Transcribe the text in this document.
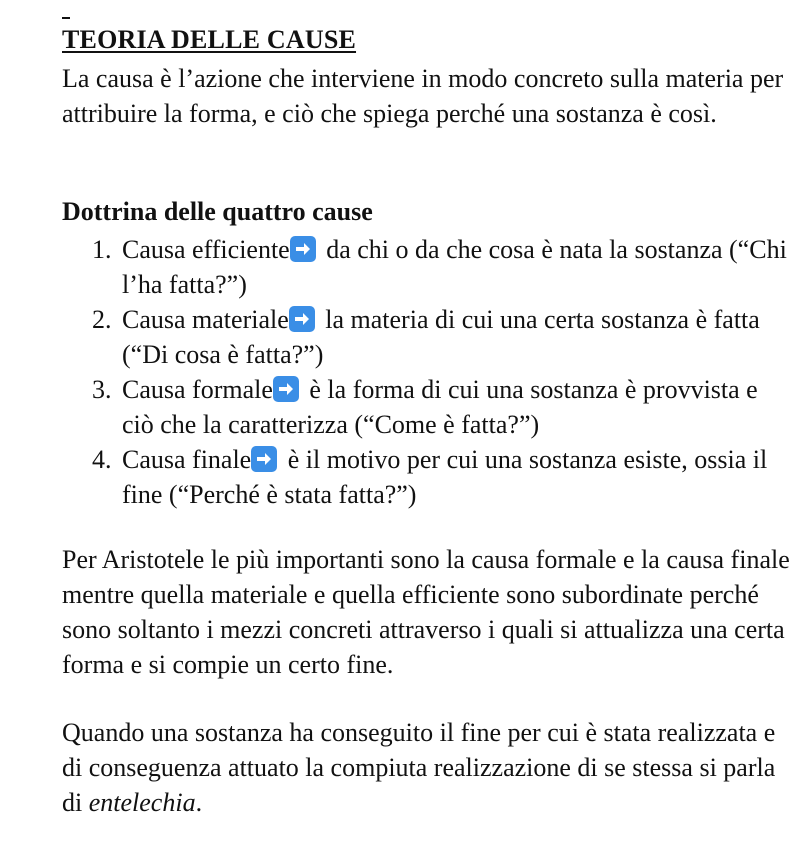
TEORIA DELLE CAUSE
La causa è l’azione che interviene in modo concreto sulla materia per attribuire la forma, e ciò che spiega perché una sostanza è così.
Dottrina delle quattro cause
1. Causa efficiente
da chi o da che cosa è nata la sostanza (“Chi l’ha fatta?”)
2. Causa materiale
la materia di cui una certa sostanza è fatta (“Di cosa è fatta?”)
3. Causa formale
è la forma di cui una sostanza è provvista e ciò che la caratterizza (“Come è fatta?”)
4. Causa finale
è il motivo per cui una sostanza esiste, ossia il fine (“Perché è stata fatta?”)
Per Aristotele le più importanti sono la causa formale e la causa finale mentre quella materiale e quella efficiente sono subordinate perché sono soltanto i mezzi concreti attraverso i quali si attualizza una certa forma e si compie un certo fine.
Quando una sostanza ha conseguito il fine per cui è stata realizzata e di conseguenza attuato la compiuta realizzazione di se stessa si parla di entelechia.
